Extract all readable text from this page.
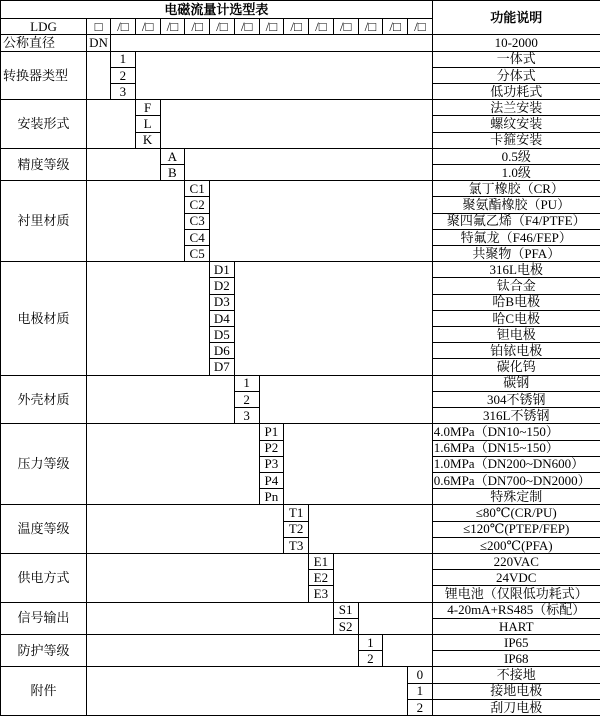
电磁流量计选型表															功能说明
LDG	□	/□	/□	/□	/□	/□	/□	/□	/□	/□	/□	/□	/□	/□	
公称直径	DN														10-2000
转换器类型		1													一体式
		2													分体式
		3													低功耗式
安装形式			F												法兰安装
			L												螺纹安装
			K												卡箍安装
精度等级				A											0.5级
				B											1.0级
衬里材质					C1										氯丁橡胶（CR）
					C2										聚氨酯橡胶（PU）
					C3										聚四氟乙烯（F4/PTFE）
					C4										特氟龙（F46/FEP）
					C5										共聚物（PFA）
电极材质						D1									316L电极
						D2									钛合金
						D3									哈B电极
						D4									哈C电极
						D5									钽电极
						D6									铂铱电极
						D7									碳化钨
外壳材质							1								碳钢
							2								304不锈钢
							3								316L不锈钢
压力等级								P1							4.0MPa（DN10~150）
								P2							1.6MPa（DN15~150）
								P3							1.0MPa（DN200~DN600）
								P4							0.6MPa（DN700~DN2000）
								Pn							特殊定制
温度等级									T1						≤80℃(CR/PU)
									T2						≤120℃(PTEP/FEP)
									T3						≤200℃(PFA)
供电方式										E1					220VAC
										E2					24VDC
										E3					锂电池（仅限低功耗式）
信号输出											S1				4-20mA+RS485（标配）
											S2				HART
防护等级												1			IP65
												2			IP68
附件														0	不接地
														1	接地电极
														2	刮刀电极
